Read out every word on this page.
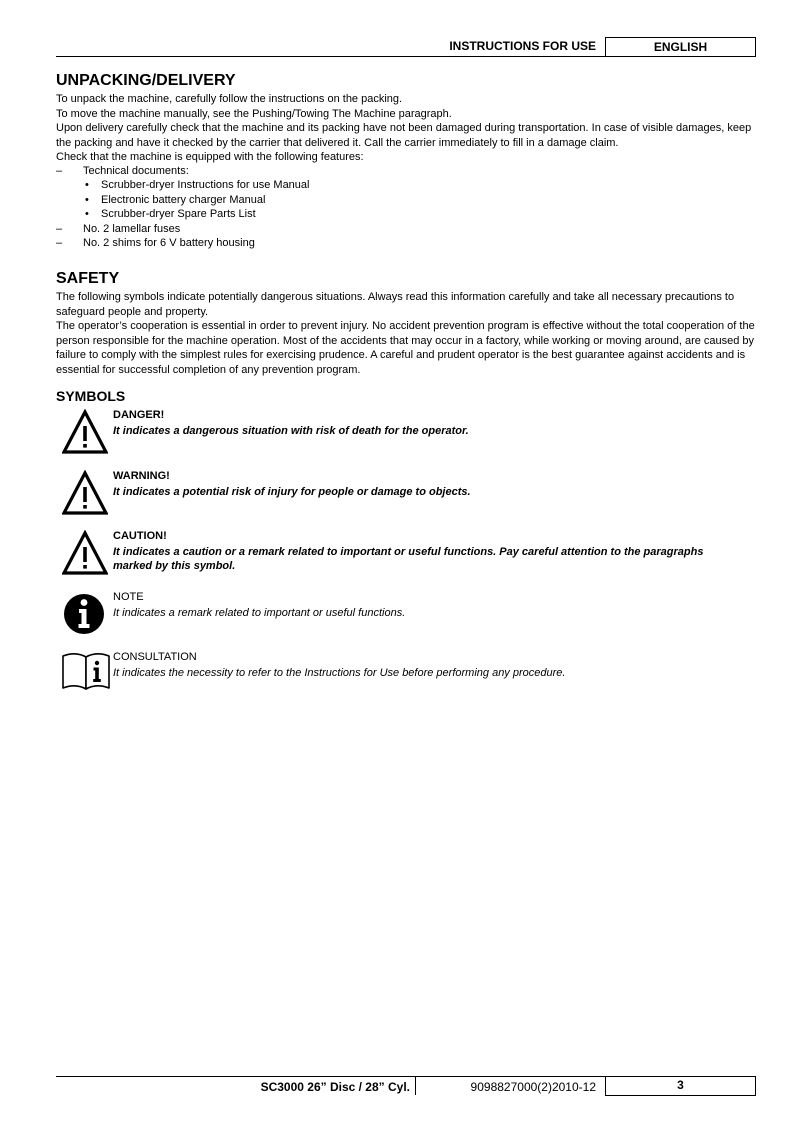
INSTRUCTIONS FOR USE	ENGLISH
UNPACKING/DELIVERY
To unpack the machine, carefully follow the instructions on the packing.
To move the machine manually, see the Pushing/Towing The Machine paragraph.
Upon delivery carefully check that the machine and its packing have not been damaged during transportation. In case of visible damages, keep the packing and have it checked by the carrier that delivered it. Call the carrier immediately to fill in a damage claim.
Check that the machine is equipped with the following features:
– Technical documents:
• Scrubber-dryer Instructions for use Manual
• Electronic battery charger Manual
• Scrubber-dryer Spare Parts List
– No. 2 lamellar fuses
– No. 2 shims for 6 V battery housing
SAFETY
The following symbols indicate potentially dangerous situations. Always read this information carefully and take all necessary precautions to safeguard people and property.
The operator’s cooperation is essential in order to prevent injury. No accident prevention program is effective without the total cooperation of the person responsible for the machine operation. Most of the accidents that may occur in a factory, while working or moving around, are caused by failure to comply with the simplest rules for exercising prudence. A careful and prudent operator is the best guarantee against accidents and is essential for successful completion of any prevention program.
SYMBOLS
DANGER!
It indicates a dangerous situation with risk of death for the operator.
WARNING!
It indicates a potential risk of injury for people or damage to objects.
CAUTION!
It indicates a caution or a remark related to important or useful functions. Pay careful attention to the paragraphs marked by this symbol.
NOTE
It indicates a remark related to important or useful functions.
CONSULTATION
It indicates the necessity to refer to the Instructions for Use before performing any procedure.
SC3000 26” Disc / 28” Cyl.	9098827000(2)2010-12	3
